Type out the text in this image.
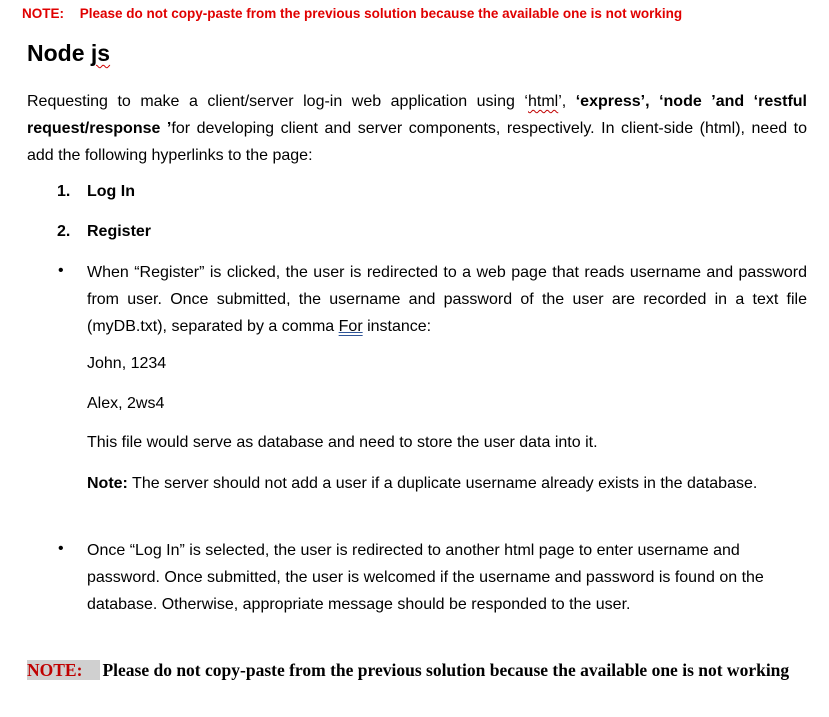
NOTE: Please do not copy-paste from the previous solution because the available one is not working
Node js
Requesting to make a client/server log-in web application using ‘html’, ‘express’, ‘node ’and ‘restful request/response ’for developing client and server components, respectively. In client-side (html), need to add the following hyperlinks to the page:
1. Log In
2. Register
• When “Register” is clicked, the user is redirected to a web page that reads username and password from user. Once submitted, the username and password of the user are recorded in a text file (myDB.txt), separated by a comma For instance:
John, 1234
Alex, 2ws4
This file would serve as database and need to store the user data into it.
Note: The server should not add a user if a duplicate username already exists in the database.
• Once “Log In” is selected, the user is redirected to another html page to enter username and password. Once submitted, the user is welcomed if the username and password is found on the database. Otherwise, appropriate message should be responded to the user.
NOTE: Please do not copy-paste from the previous solution because the available one is not working
